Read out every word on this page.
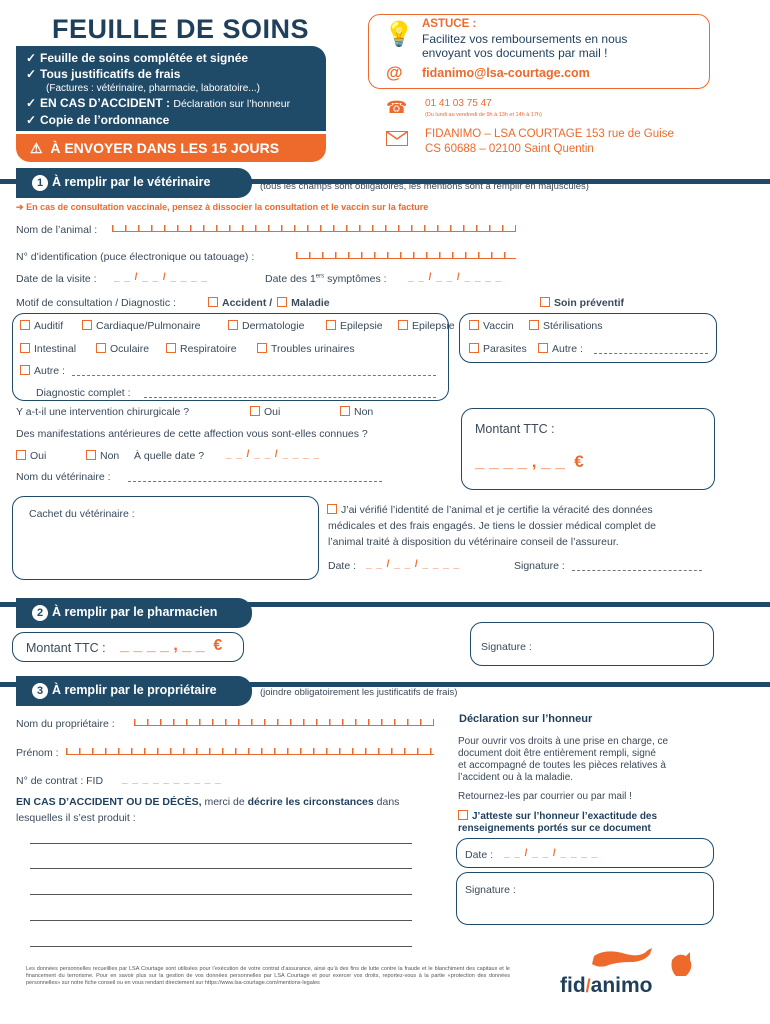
FEUILLE DE SOINS
✓ Feuille de soins complétée et signée
✓ Tous justificatifs de frais
(Factures : vétérinaire, pharmacie, laboratoire...)
✓ EN CAS D’ACCIDENT : Déclaration sur l’honneur
✓ Copie de l’ordonnance
⚠ À ENVOYER DANS LES 15 JOURS
💡 ASTUCE :
Facilitez vos remboursements en nous
envoyant vos documents par mail !
@ fidanimo@lsa-courtage.com
☎ 01 41 03 75 47
(Du lundi au vendredi de 9h à 13h et 14h à 17h)
FIDANIMO – LSA COURTAGE 153 rue de Guise
CS 60688 – 02100 Saint Quentin
1 À remplir par le vétérinaire	(tous les champs sont obligatoires, les mentions sont à remplir en majuscules)
➔ En cas de consultation vaccinale, pensez à dissocier la consultation et le vaccin sur la facture
Nom de l’animal :
N° d’identification (puce électronique ou tatouage) :
Date de la visite : _ _ / _ _ / _ _ _ _	Date des 1ers symptômes : _ _ / _ _ / _ _ _ _
Motif de consultation / Diagnostic :	Accident / Maladie	Soin préventif
Auditif	Cardiaque/Pulmonaire	Dermatologie	Epilepsie	Epilepsie
Intestinal	Oculaire	Respiratoire	Troubles urinaires
Autre :
Diagnostic complet :
Vaccin	Stérilisations
Parasites	Autre :
Y a-t-il une intervention chirurgicale ?	Oui	Non
Montant TTC :
_ _ _ _ , _ _  €
Des manifestations antérieures de cette affection vous sont-elles connues ?
Oui	Non À quelle date ? _ _ / _ _ / _ _ _ _
Nom du vétérinaire :
Cachet du vétérinaire :	J’ai vérifié l’identité de l’animal et je certifie la véracité des données
médicales et des frais engagés. Je tiens le dossier médical complet de
l’animal traité à disposition du vétérinaire conseil de l’assureur.
Date : _ _ / _ _ / _ _ _ _	Signature :
2 À remplir par le pharmacien
Montant TTC : _ _ _ _ , _ _  €	Signature :
3 À remplir par le propriétaire	(joindre obligatoirement les justificatifs de frais)
Nom du propriétaire :
Prénom :
N° de contrat : FID _ _ _ _ _ _ _ _ _ _
EN CAS D’ACCIDENT OU DE DÉCÈS, merci de décrire les circonstances dans
lesquelles il s’est produit :
Déclaration sur l’honneur
Pour ouvrir vos droits à une prise en charge, ce
document doit être entièrement rempli, signé
et accompagné de toutes les pièces relatives à
l’accident ou à la maladie.
Retournez-les par courrier ou par mail !
J’atteste sur l’honneur l’exactitude des
renseignements portés sur ce document
Date : _ _ / _ _ / _ _ _ _
Signature :
Les données personnelles recueillies par LSA Courtage sont utilisées pour l’exécution de votre contrat d’assurance, ainsi qu’à des fins de lutte contre la fraude et le blanchiment des capitaux et le financement du terrorisme. Pour en savoir plus sur la gestion de vos données personnelles par LSA Courtage et pour exercer vos droits, reportez-vous à la partie «protection des données personnelles» sur notre fiche conseil ou en vous rendant directement sur https://www.lsa-courtage.com/mentions-legales	fid/animo
